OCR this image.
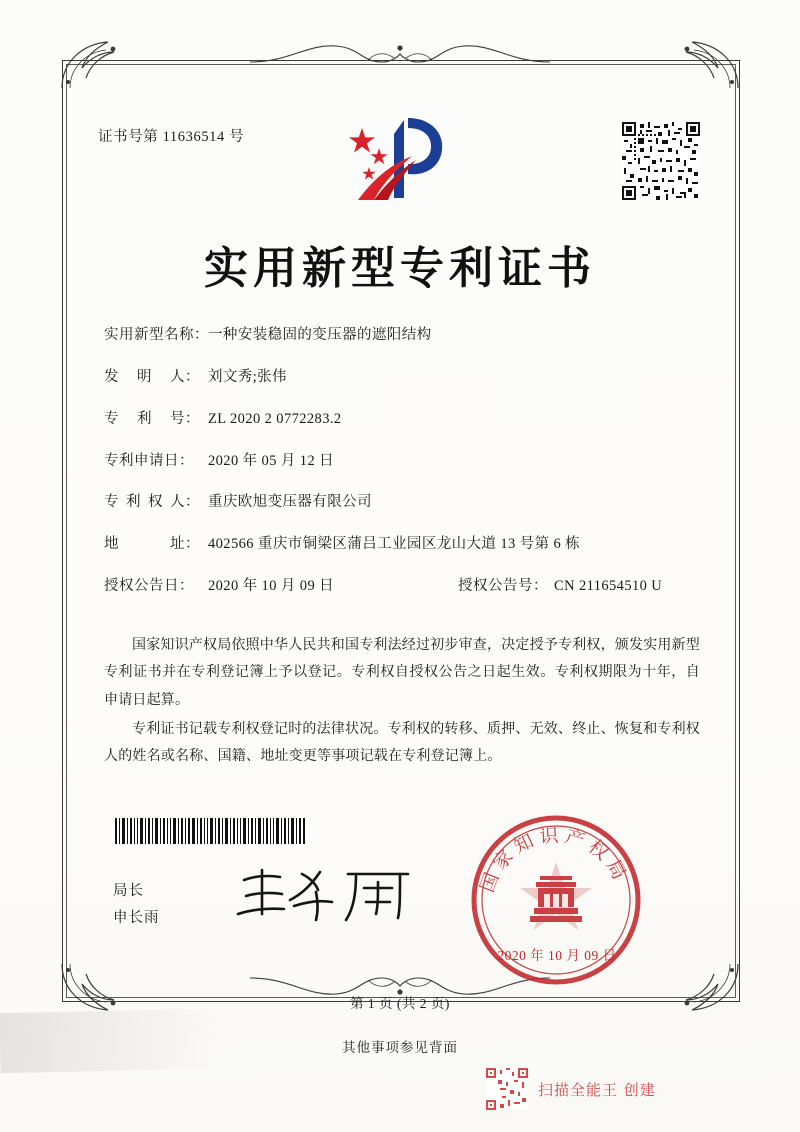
证书号第 11636514 号
实用新型专利证书
实用新型名称： 一种安装稳固的变压器的遮阳结构
发 明 人： 刘文秀;张伟
专 利 号： ZL 2020 2 0772283.2
专利申请日： 2020 年 05 月 12 日
专 利 权 人： 重庆欧旭变压器有限公司
地	址： 402566 重庆市铜梁区蒲吕工业园区龙山大道 13 号第 6 栋
授权公告日： 2020 年 10 月 09 日	授权公告号： CN 211654510 U

国家知识产权局依照中华人民共和国专利法经过初步审查，决定授予专利权，颁发实用新型专利证书并在专利登记簿上予以登记。专利权自授权公告之日起生效。专利权期限为十年，自申请日起算。

专利证书记载专利权登记时的法律状况。专利权的转移、质押、无效、终止、恢复和专利权人的姓名或名称、国籍、地址变更等事项记载在专利登记簿上。

局长
申长雨
国家知识产权局
2020 年 10 月 09 日
第 1 页 (共 2 页)
其他事项参见背面
扫描全能王 创建
